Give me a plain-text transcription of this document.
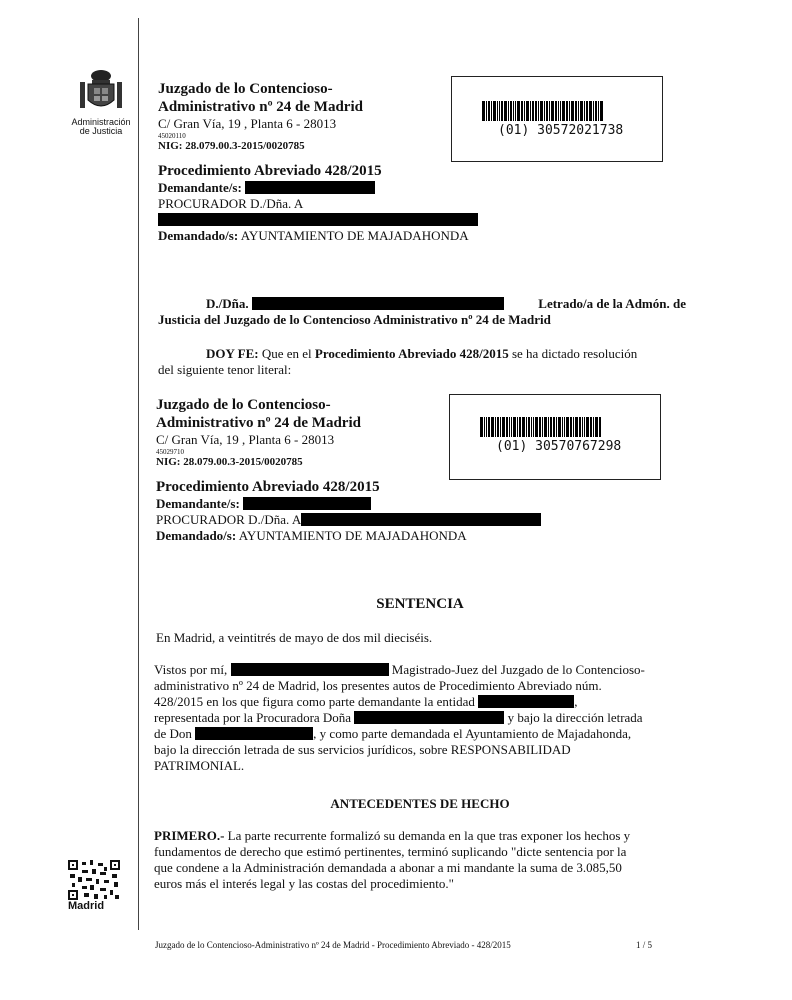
Administración
de Justicia
Juzgado de lo Contencioso-
Administrativo nº 24 de Madrid
C/ Gran Vía, 19 , Planta 6 - 28013
45020110
NIG: 28.079.00.3-2015/0020785
(01) 30572021738
Procedimiento Abreviado 428/2015
Demandante/s:
PROCURADOR D./Dña. A
Demandado/s: AYUNTAMIENTO DE MAJADAHONDA
D./Dña.	Letrado/a de la Admón. de
Justicia del Juzgado de lo Contencioso Administrativo nº 24 de Madrid
DOY FE: Que en el Procedimiento Abreviado 428/2015 se ha dictado resolución
del siguiente tenor literal:
Juzgado de lo Contencioso-
Administrativo nº 24 de Madrid
C/ Gran Vía, 19 , Planta 6 - 28013
45029710
NIG: 28.079.00.3-2015/0020785
(01) 30570767298
Procedimiento Abreviado 428/2015
Demandante/s:
PROCURADOR D./Dña. A
Demandado/s: AYUNTAMIENTO DE MAJADAHONDA
SENTENCIA
En Madrid, a veintitrés de mayo de dos mil dieciséis.
Vistos por mí,	Magistrado-Juez del Juzgado de lo Contencioso-
administrativo nº 24 de Madrid, los presentes autos de Procedimiento Abreviado núm.
428/2015 en los que figura como parte demandante la entidad	,
representada por la Procuradora Doña	y bajo la dirección letrada
de Don	, y como parte demandada el Ayuntamiento de Majadahonda,
bajo la dirección letrada de sus servicios jurídicos, sobre RESPONSABILIDAD
PATRIMONIAL.
ANTECEDENTES DE HECHO
PRIMERO.- La parte recurrente formalizó su demanda en la que tras exponer los hechos y
fundamentos de derecho que estimó pertinentes, terminó suplicando "dicte sentencia por la
que condene a la Administración demandada a abonar a mi mandante la suma de 3.085,50
euros más el interés legal y las costas del procedimiento."
Madrid
Juzgado de lo Contencioso-Administrativo nº 24 de Madrid - Procedimiento Abreviado - 428/2015	1 / 5
